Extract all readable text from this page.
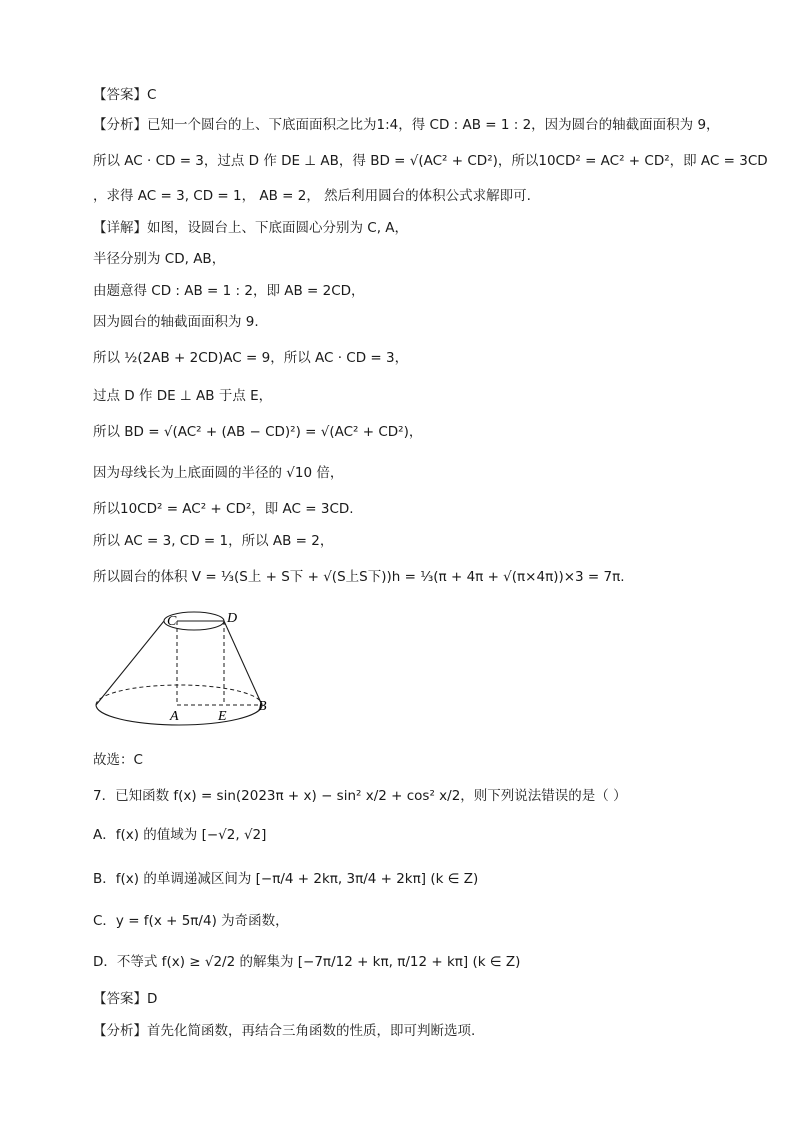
【答案】C
【分析】已知一个圆台的上、下底面面积之比为1:4，得 CD : AB = 1 : 2，因为圆台的轴截面面积为 9，
所以 AC · CD = 3，过点 D 作 DE ⊥ AB，得 BD = √(AC² + CD²)，所以10CD² = AC² + CD²，即 AC = 3CD
，求得 AC = 3, CD = 1， AB = 2， 然后利用圆台的体积公式求解即可.
【详解】如图，设圆台上、下底面圆心分别为 C, A，
半径分别为 CD, AB，
由题意得 CD : AB = 1 : 2，即 AB = 2CD，
因为圆台的轴截面面积为 9.
所以 ½(2AB + 2CD)AC = 9，所以 AC · CD = 3，
过点 D 作 DE ⊥ AB 于点 E，
所以 BD = √(AC² + (AB − CD)²) = √(AC² + CD²)，
因为母线长为上底面圆的半径的 √10 倍，
所以10CD² = AC² + CD²，即 AC = 3CD.
所以 AC = 3, CD = 1，所以 AB = 2，
所以圆台的体积 V = ⅓(S上 + S下 + √(S上S下))h = ⅓(π + 4π + √(π×4π))×3 = 7π.
C	D
A	E
B
故选：C
7．已知函数 f(x) = sin(2023π + x) − sin² x/2 + cos² x/2，则下列说法错误的是（ ）
A．f(x) 的值域为 [−√2, √2]
B．f(x) 的单调递减区间为 [−π/4 + 2kπ, 3π/4 + 2kπ] (k ∈ Z)
C．y = f(x + 5π/4) 为奇函数，
D．不等式 f(x) ≥ √2/2 的解集为 [−7π/12 + kπ, π/12 + kπ] (k ∈ Z)
【答案】D
【分析】首先化简函数，再结合三角函数的性质，即可判断选项.
